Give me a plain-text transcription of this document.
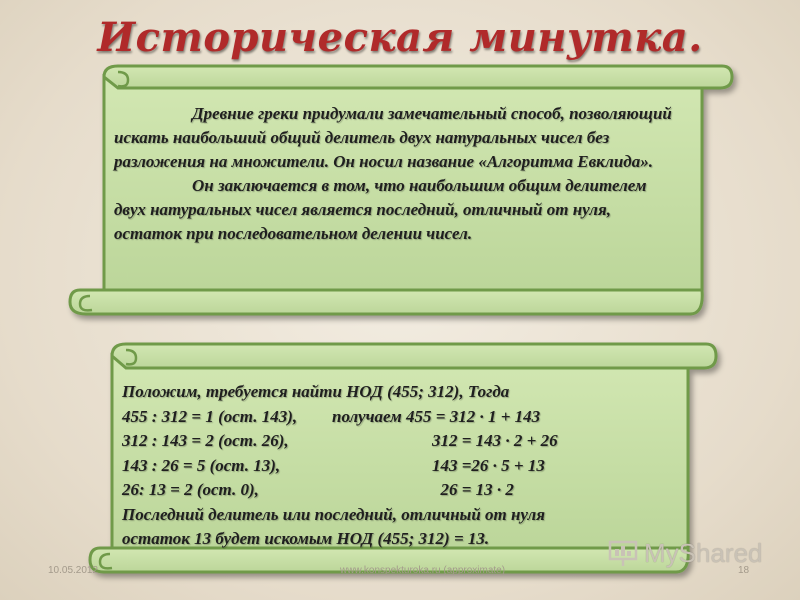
Историческая минутка.

Древние греки придумали замечательный способ, позволяющий искать наибольший общий делитель двух натуральных чисел без разложения на множители. Он носил название «Алгоритма Евклида».

Он заключается в том, что наибольшим общим делителем двух натуральных чисел является последний, отличный от нуля, остаток при последовательном делении чисел.

Положим, требуется найти НОД (455; 312), Тогда
455 : 312 = 1 (ост. 143),	получаем 455 = 312 · 1 + 143
312 : 143 = 2 (ост. 26),	312 = 143 · 2 + 26
143 : 26 = 5 (ост. 13),	143 =26 · 5 + 13
26: 13 = 2 (ост. 0),	26 = 13 · 2
Последний делитель или последний, отличный от нуля
остаток 13 будет искомым НОД (455; 312) = 13.
10.05.2012	www.konspekturoka.ru (approximate)	18
MyShared
